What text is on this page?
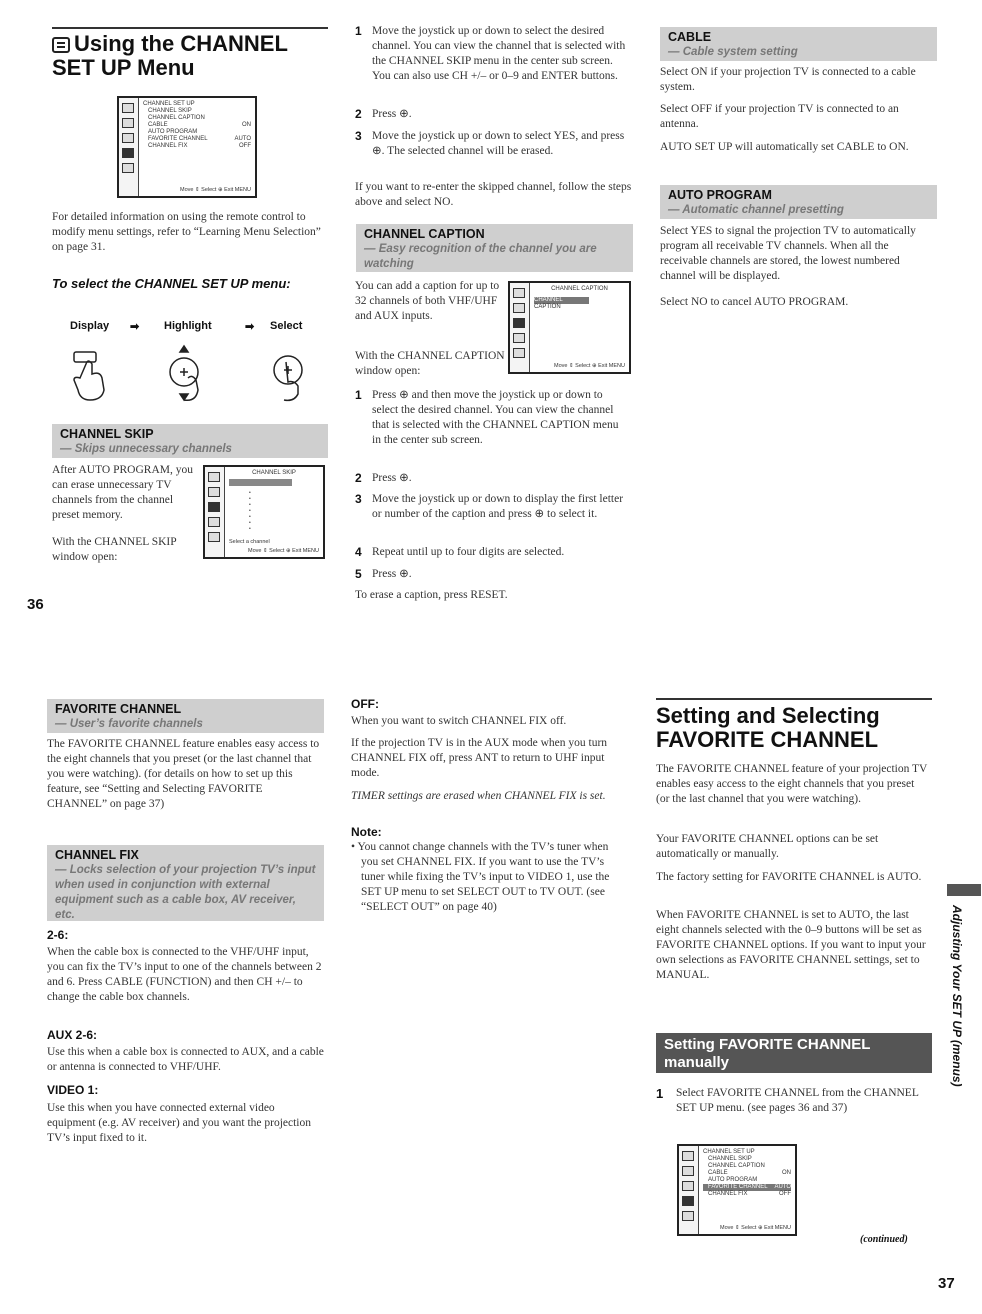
Using the CHANNEL SET UP Menu
CHANNEL SET UP
CHANNEL SKIP
CHANNEL CAPTION
CABLE	ON
AUTO PROGRAM
FAVORITE CHANNEL	AUTO
CHANNEL FIX	OFF
Move ⇕ Select ⊕ Exit MENU
For detailed information on using the remote control to modify menu settings, refer to “Learning Menu Selection” on page 31.
To select the CHANNEL SET UP menu:
Display ➡ Highlight	➡ Select
CHANNEL SKIP
— Skips unnecessary channels
After AUTO PROGRAM, you can erase unnecessary TV channels from the channel preset memory.
With the CHANNEL SKIP window open:
CHANNEL SKIP
•
•
•
•
•
•
•
Select a channel
Move ⇕ Select ⊕ Exit MENU
36
1 Move the joystick up or down to select the desired channel. You can view the channel that is selected with the CHANNEL SKIP menu in the center sub screen. You can also use CH +/– or 0–9 and ENTER buttons.
2 Press ⊕.
3 Move the joystick up or down to select YES, and press ⊕. The selected channel will be erased.
If you want to re-enter the skipped channel, follow the steps above and select NO.
CHANNEL CAPTION
— Easy recognition of the channel you are watching
You can add a caption for up to 32 channels of both VHF/UHF and AUX inputs.
With the CHANNEL CAPTION window open:
CHANNEL CAPTION
CHANNEL
CAPTION
Move ⇕ Select ⊕ Exit MENU
1 Press ⊕ and then move the joystick up or down to select the desired channel. You can view the channel that is selected with the CHANNEL CAPTION menu in the center sub screen.
2 Press ⊕.
3 Move the joystick up or down to display the first letter or number of the caption and press ⊕ to select it.
4 Repeat until up to four digits are selected.
5 Press ⊕.
To erase a caption, press RESET.
CABLE
— Cable system setting
Select ON if your projection TV is connected to a cable system.
Select OFF if your projection TV is connected to an antenna.
AUTO SET UP will automatically set CABLE to ON.
AUTO PROGRAM
— Automatic channel presetting
Select YES to signal the projection TV to automatically program all receivable TV channels. When all the receivable channels are stored, the lowest numbered channel will be displayed.
Select NO to cancel AUTO PROGRAM.
FAVORITE CHANNEL
— User’s favorite channels
The FAVORITE CHANNEL feature enables easy access to the eight channels that you preset (or the last channel that you were watching). (for details on how to set up this feature, see “Setting and Selecting FAVORITE CHANNEL” on page 37)
CHANNEL FIX
— Locks selection of your projection TV’s input when used in conjunction with external equipment such as a cable box, AV receiver, etc.
2-6:
When the cable box is connected to the VHF/UHF input, you can fix the TV’s input to one of the channels between 2 and 6. Press CABLE (FUNCTION) and then CH +/– to change the cable box channels.
AUX 2-6:
Use this when a cable box is connected to AUX, and a cable or antenna is connected to VHF/UHF.
VIDEO 1:
Use this when you have connected external video equipment (e.g. AV receiver) and you want the projection TV’s input fixed to it.
OFF:
When you want to switch CHANNEL FIX off.
If the projection TV is in the AUX mode when you turn CHANNEL FIX off, press ANT to return to UHF input mode.
TIMER settings are erased when CHANNEL FIX is set.
Note:
• You cannot change channels with the TV’s tuner when you set CHANNEL FIX. If you want to use the TV’s tuner while fixing the TV’s input to VIDEO 1, use the SET UP menu to set SELECT OUT to TV OUT. (see “SELECT OUT” on page 40)
Setting and Selecting FAVORITE CHANNEL
The FAVORITE CHANNEL feature of your projection TV enables easy access to the eight channels that you preset (or the last channel that you were watching).
Your FAVORITE CHANNEL options can be set automatically or manually.
The factory setting for FAVORITE CHANNEL is AUTO.
When FAVORITE CHANNEL is set to AUTO, the last eight channels selected with the 0–9 buttons will be set as FAVORITE CHANNEL options. If you want to input your own selections as FAVORITE CHANNEL settings, set to MANUAL.
Setting FAVORITE CHANNEL manually
1 Select FAVORITE CHANNEL from the CHANNEL SET UP menu. (see pages 36 and 37)
CHANNEL SET UP
CHANNEL SKIP
CHANNEL CAPTION
CABLE	ON
AUTO PROGRAM
FAVORITE CHANNEL AUTO
CHANNEL FIX	OFF
Move ⇕ Select ⊕ Exit MENU
(continued)
Adjusting Your SET UP (menus)
37
